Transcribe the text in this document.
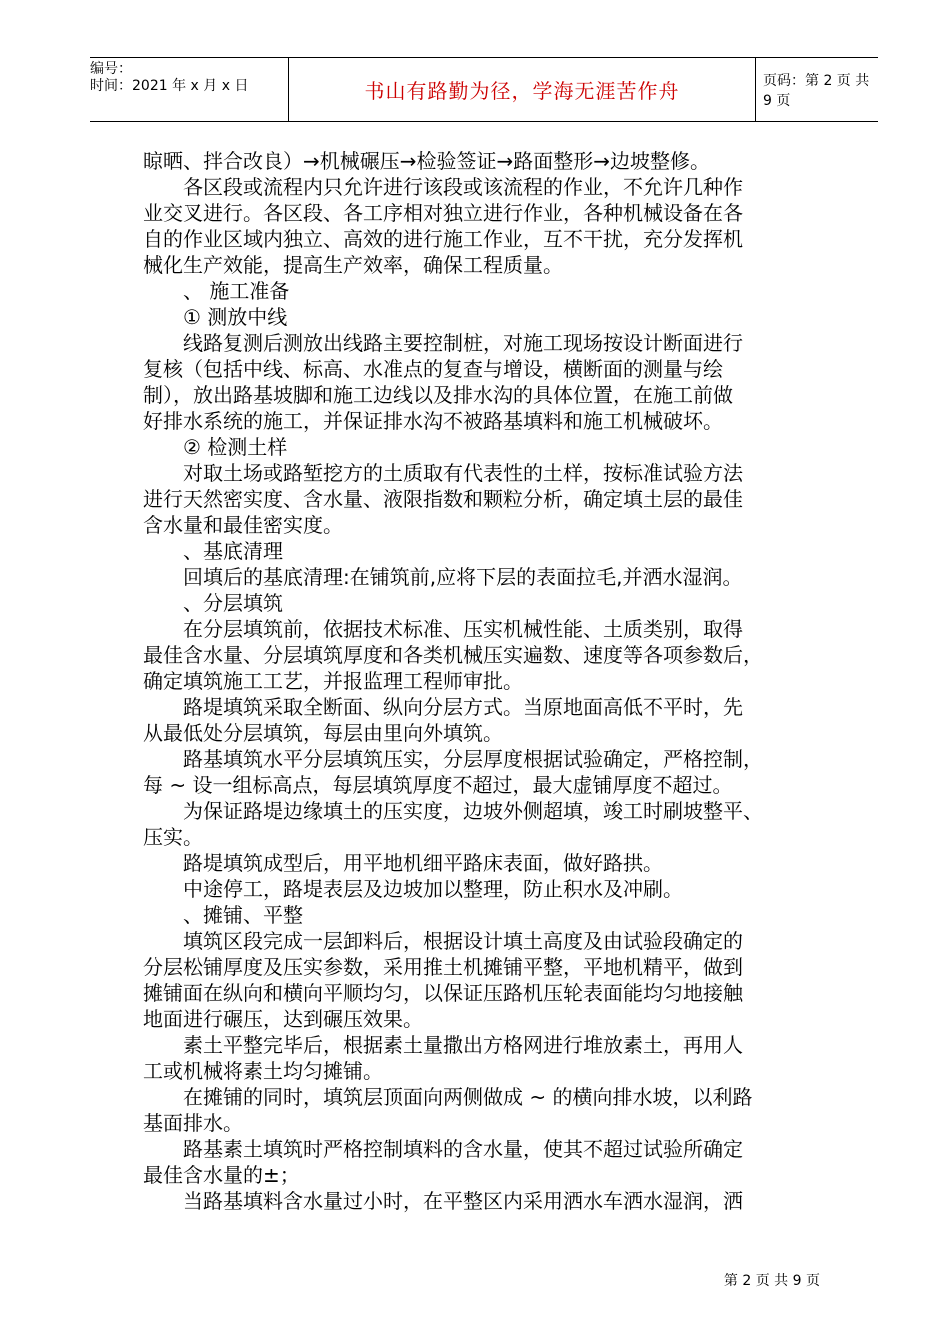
编号：
时间：2021 年 x 月 x 日	书山有路勤为径，学海无涯苦作舟	页码：第 2 页 共 9 页
晾晒、拌合改良）→机械碾压→检验签证→路面整形→边坡整修。
　　各区段或流程内只允许进行该段或该流程的作业，不允许几种作
业交叉进行。各区段、各工序相对独立进行作业，各种机械设备在各
自的作业区域内独立、高效的进行施工作业，互不干扰，充分发挥机
械化生产效能，提高生产效率，确保工程质量。
　　、 施工准备
　　① 测放中线
　　线路复测后测放出线路主要控制桩，对施工现场按设计断面进行
复核（包括中线、标高、水准点的复查与增设，横断面的测量与绘
制），放出路基坡脚和施工边线以及排水沟的具体位置，在施工前做
好排水系统的施工，并保证排水沟不被路基填料和施工机械破坏。
　　② 检测土样
　　对取土场或路堑挖方的土质取有代表性的土样，按标准试验方法
进行天然密实度、含水量、液限指数和颗粒分析，确定填土层的最佳
含水量和最佳密实度。
　　、基底清理
　　回填后的基底清理:在铺筑前,应将下层的表面拉毛,并洒水湿润。
　　、分层填筑
　　在分层填筑前，依据技术标准、压实机械性能、土质类别，取得
最佳含水量、分层填筑厚度和各类机械压实遍数、速度等各项参数后，
确定填筑施工工艺，并报监理工程师审批。
　　路堤填筑采取全断面、纵向分层方式。当原地面高低不平时，先
从最低处分层填筑，每层由里向外填筑。
　　路基填筑水平分层填筑压实，分层厚度根据试验确定，严格控制，
每 ~ 设一组标高点，每层填筑厚度不超过，最大虚铺厚度不超过。
　　为保证路堤边缘填土的压实度，边坡外侧超填，竣工时刷坡整平、
压实。
　　路堤填筑成型后，用平地机细平路床表面，做好路拱。
　　中途停工，路堤表层及边坡加以整理，防止积水及冲刷。
　　、摊铺、平整
　　填筑区段完成一层卸料后，根据设计填土高度及由试验段确定的
分层松铺厚度及压实参数，采用推土机摊铺平整，平地机精平，做到
摊铺面在纵向和横向平顺均匀，以保证压路机压轮表面能均匀地接触
地面进行碾压，达到碾压效果。
　　素土平整完毕后，根据素土量撒出方格网进行堆放素土，再用人
工或机械将素土均匀摊铺。
　　在摊铺的同时，填筑层顶面向两侧做成 ~ 的横向排水坡，以利路
基面排水。
　　路基素土填筑时严格控制填料的含水量，使其不超过试验所确定
最佳含水量的±；
　　当路基填料含水量过小时，在平整区内采用洒水车洒水湿润，洒
第 2 页 共 9 页
